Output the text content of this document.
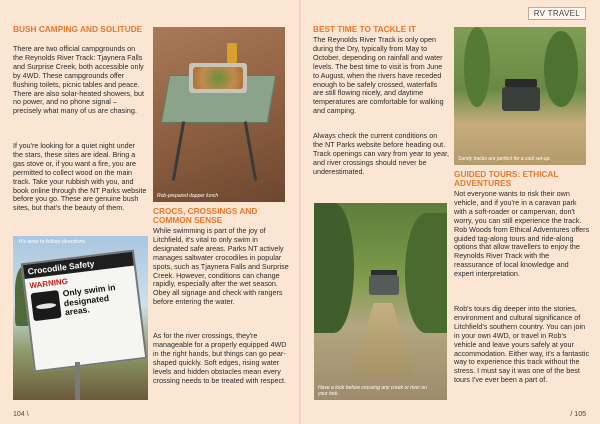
RV TRAVEL
BUSH CAMPING AND SOLITUDE

There are two official campgrounds on the Reynolds River Track: Tjaynera Falls and Surprise Creek, both accessible only by 4WD. These campgrounds offer flushing toilets, picnic tables and peace. There are also solar-heated showers, but no power, and no phone signal – precisely what many of us are chasing.

If you're looking for a quiet night under the stars, these sites are ideal. Bring a gas stove or, if you want a fire, you are permitted to collect wood on the main track. Take your rubbish with you, and book online through the NT Parks website before you go. These are genuine bush sites, but that's the beauty of them.

It's wise to follow directions.
Crocodile Safety
WARNING
Only swim in designated areas.
Rob-prepared dapper lunch
CROCS, CROSSINGS AND COMMON SENSE

While swimming is part of the joy of Litchfield, it's vital to only swim in designated safe areas. Parks NT actively manages saltwater crocodiles in popular spots, such as Tjaynera Falls and Surprise Creek. However, conditions can change rapidly, especially after the wet season. Obey all signage and check with rangers before entering the water.

As for the river crossings, they're manageable for a properly equipped 4WD in the right hands, but things can go pear-shaped quickly. Soft edges, rising water levels and hidden obstacles mean every crossing needs to be treated with respect.

104 \
BEST TIME TO TACKLE IT

The Reynolds River Track is only open during the Dry, typically from May to October, depending on rainfall and water levels. The best time to visit is from June to August, when the rivers have receded enough to be safely crossed, waterfalls are still flowing nicely, and daytime temperatures are comfortable for walking and camping.

Always check the current conditions on the NT Parks website before heading out. Track openings can vary from year to year, and river crossings should never be underestimated.

Have a look before crossing any creek or river on your trek.
Sandy tracks are perfect for a cool set-up.
GUIDED TOURS: ETHICAL ADVENTURES

Not everyone wants to risk their own vehicle, and if you're in a caravan park with a soft-roader or campervan, don't worry, you can still experience the track. Rob Woods from Ethical Adventures offers guided tag-along tours and ride-along options that allow travellers to enjoy the Reynolds River Track with the reassurance of local knowledge and expert interpretation.

Rob's tours dig deeper into the stories, environment and cultural significance of Litchfield's southern country. You can join in your own 4WD, or travel in Rob's vehicle and leave yours safely at your accommodation. Either way, it's a fantastic way to experience this track without the stress. I must say it was one of the best tours I've ever been a part of.

/ 105
